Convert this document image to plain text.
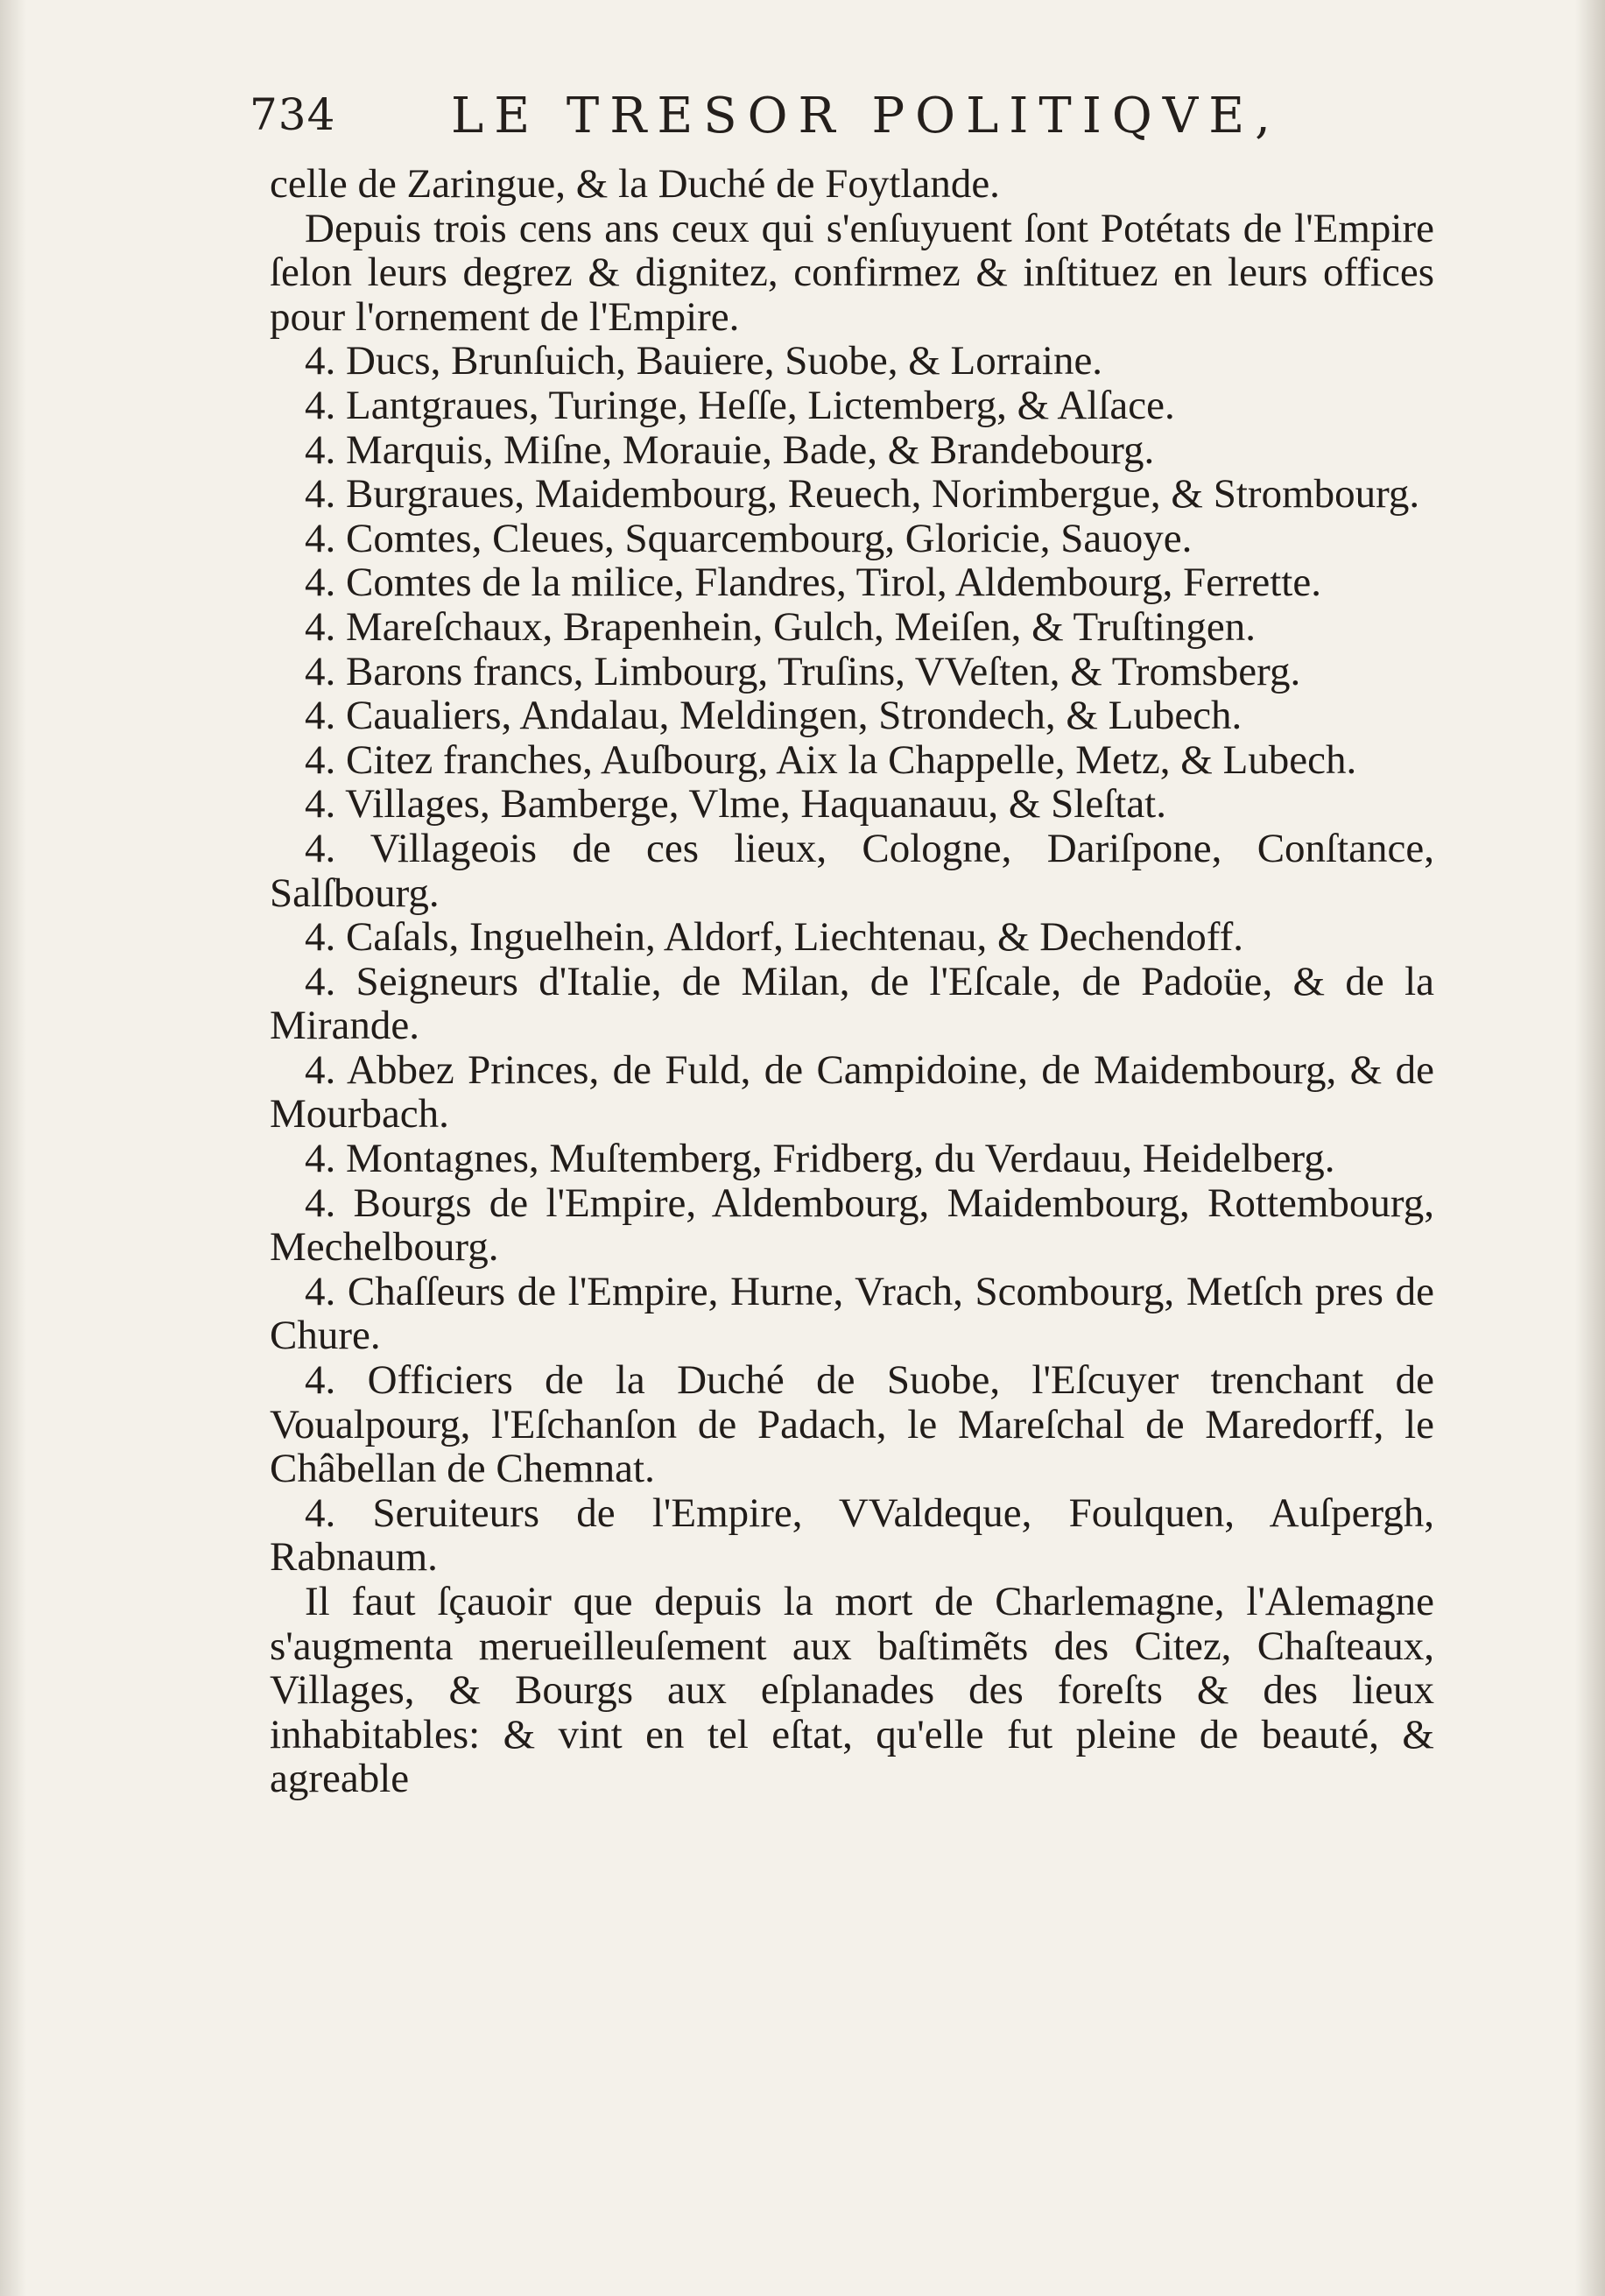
734 LE TRESOR POLITIQVE,

celle de Zaringue, & la Duché de Foytlande.

Depuis trois cens ans ceux qui s'enſuyuent ſont Potétats de l'Empire ſelon leurs degrez & dignitez, confirmez & inſtituez en leurs offices pour l'ornement de l'Empire.

4. Ducs, Brunſuich, Bauiere, Suobe, & Lorraine.

4. Lantgraues, Turinge, Heſſe, Lictemberg, & Alſace.

4. Marquis, Miſne, Morauie, Bade, & Brandebourg.

4. Burgraues, Maidembourg, Reuech, Norimbergue, & Strombourg.

4. Comtes, Cleues, Squarcembourg, Gloricie, Sauoye.

4. Comtes de la milice, Flandres, Tirol, Aldembourg, Ferrette.

4. Mareſchaux, Brapenhein, Gulch, Meiſen, & Truſtingen.

4. Barons francs, Limbourg, Truſins, VVeſten, & Tromsberg.

4. Caualiers, Andalau, Meldingen, Strondech, & Lubech.

4. Citez franches, Auſbourg, Aix la Chappelle, Metz, & Lubech.

4. Villages, Bamberge, Vlme, Haquanauu, & Sleſtat.

4. Villageois de ces lieux, Cologne, Dariſpone, Conſtance, Salſbourg.

4. Caſals, Inguelhein, Aldorf, Liechtenau, & Dechendoff.

4. Seigneurs d'Italie, de Milan, de l'Eſcale, de Padoüe, & de la Mirande.

4. Abbez Princes, de Fuld, de Campidoine, de Maidembourg, & de Mourbach.

4. Montagnes, Muſtemberg, Fridberg, du Verdauu, Heidelberg.

4. Bourgs de l'Empire, Aldembourg, Maidembourg, Rottembourg, Mechelbourg.

4. Chaſſeurs de l'Empire, Hurne, Vrach, Scombourg, Metſch pres de Chure.

4. Officiers de la Duché de Suobe, l'Eſcuyer trenchant de Voualpourg, l'Eſchanſon de Padach, le Mareſchal de Maredorff, le Châbellan de Chemnat.

4. Seruiteurs de l'Empire, VValdeque, Foulquen, Auſpergh, Rabnaum.

Il faut ſçauoir que depuis la mort de Charlemagne, l'Alemagne s'augmenta merueilleuſement aux baſtimẽts des Citez, Chaſteaux, Villages, & Bourgs aux eſplanades des foreſts & des lieux inhabitables: & vint en tel eſtat, qu'elle fut pleine de beauté, & agreable
